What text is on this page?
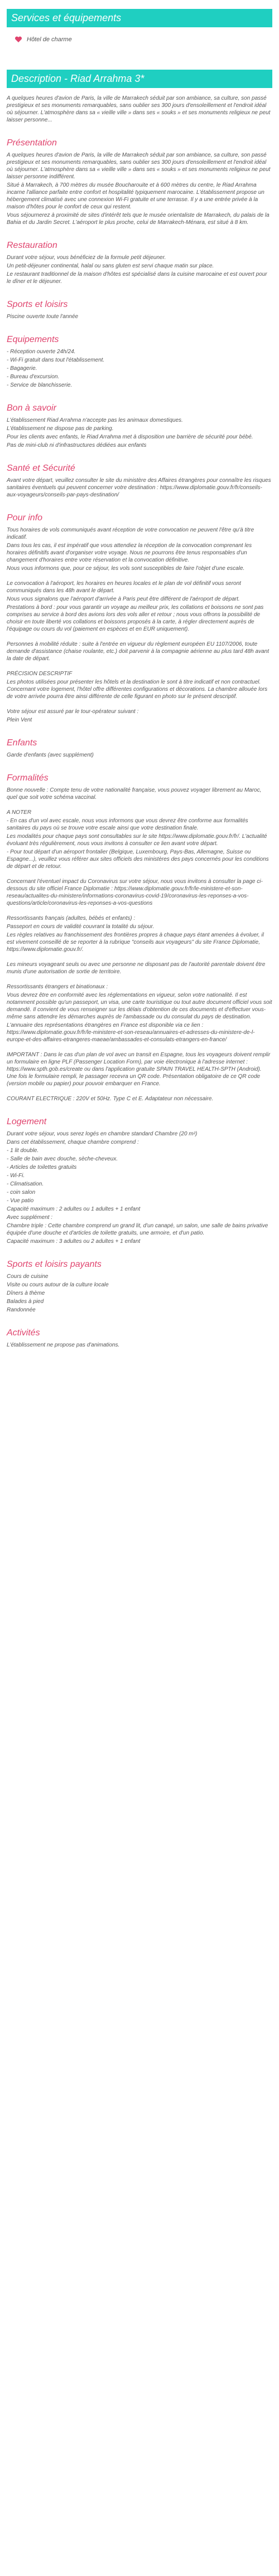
Services et équipements
Hôtel de charme
Description - Riad Arrahma 3*

A quelques heures d'avion de Paris, la ville de Marrakech séduit par son ambiance, sa culture, son passé prestigieux et ses monuments remarquables, sans oublier ses 300 jours d'ensoleillement et l'endroit idéal où séjourner. L'atmosphère dans sa « vieille ville » dans ses « souks » et ses monuments religieux ne peut laisser personne...

Présentation

A quelques heures d'avion de Paris, la ville de Marrakech séduit par son ambiance, sa culture, son passé prestigieux et ses monuments remarquables, sans oublier ses 300 jours d'ensoleillement et l'endroit idéal où séjourner. L'atmosphère dans sa « vieille ville » dans ses « souks » et ses monuments religieux ne peut laisser personne indifférent.

Situé à Marrakech, à 700 mètres du musée Boucharouite et à 600 mètres du centre, le Riad Arrahma incarne l'alliance parfaite entre confort et hospitalité typiquement marocaine. L'établissement propose un hébergement climatisé avec une connexion Wi-Fi gratuite et une terrasse. Il y a une entrée privée à la maison d'hôtes pour le confort de ceux qui restent.

Vous séjournerez à proximité de sites d'intérêt tels que le musée orientaliste de Marrakech, du palais de la Bahia et du Jardin Secret. L'aéroport le plus proche, celui de Marrakech-Ménara, est situé à 8 km.

Restauration

Durant votre séjour, vous bénéficiez de la formule petit déjeuner.

Un petit-déjeuner continental, halal ou sans gluten est servi chaque matin sur place.

Le restaurant traditionnel de la maison d'hôtes est spécialisé dans la cuisine marocaine et est ouvert pour le dîner et le déjeuner.

Sports et loisirs

Piscine ouverte toute l'année

Equipements

- Réception ouverte 24h/24.

- Wi-Fi gratuit dans tout l'établissement.

- Bagagerie.

- Bureau d'excursion.

- Service de blanchisserie.

Bon à savoir

L'établissement Riad Arrahma n'accepte pas les animaux domestiques.

L'établissement ne dispose pas de parking.

Pour les clients avec enfants, le Riad Arrahma met à disposition une barrière de sécurité pour bébé.

Pas de mini-club ni d'infrastructures dédiées aux enfants

Santé et Sécurité

Avant votre départ, veuillez consulter le site du ministère des Affaires étrangères pour connaître les risques sanitaires éventuels qui peuvent concerner votre destination : https://www.diplomatie.gouv.fr/fr/conseils-aux-voyageurs/conseils-par-pays-destination/

Pour info

Tous horaires de vols communiqués avant réception de votre convocation ne peuvent l'être qu'à titre indicatif.

Dans tous les cas, il est impératif que vous attendiez la réception de la convocation comprenant les horaires définitifs avant d'organiser votre voyage. Nous ne pourrons être tenus responsables d'un changement d'horaires entre votre réservation et la convocation définitive.

Nous vous informons que, pour ce séjour, les vols sont susceptibles de faire l'objet d'une escale.

Le convocation à l'aéroport, les horaires en heures locales et le plan de vol définitif vous seront communiqués dans les 48h avant le départ.

Nous vous signalons que l'aéroport d'arrivée à Paris peut être différent de l'aéroport de départ.

Prestations à bord : pour vous garantir un voyage au meilleur prix, les collations et boissons ne sont pas comprises au service à bord des avions lors des vols aller et retour ; nous vous offrons la possibilité de choisir en toute liberté vos collations et boissons proposés à la carte, à régler directement auprès de l'équipage ou cours du vol (paiement en espèces et en EUR uniquement).

Personnes à mobilité réduite : suite à l'entrée en vigueur du règlement européen EU 1107/2006, toute demande d'assistance (chaise roulante, etc.) doit parvenir à la compagnie aérienne au plus tard 48h avant la date de départ.

PRÉCISION DESCRIPTIF

Les photos utilisées pour présenter les hôtels et la destination le sont à titre indicatif et non contractuel. Concernant votre logement, l'hôtel offre différentes configurations et décorations. La chambre allouée lors de votre arrivée pourra être ainsi différente de celle figurant en photo sur le présent descriptif.

Votre séjour est assuré par le tour-opérateur suivant :

Plein Vent

Enfants

Garde d'enfants (avec supplément)

Formalités

Bonne nouvelle : Compte tenu de votre nationalité française, vous pouvez voyager librement au Maroc, quel que soit votre schéma vaccinal.

A NOTER

- En cas d'un vol avec escale, nous vous informons que vous devrez être conforme aux formalités sanitaires du pays où se trouve votre escale ainsi que votre destination finale.

Les modalités pour chaque pays sont consultables sur le site https://www.diplomatie.gouv.fr/fr/. L'actualité évoluant très régulièrement, nous vous invitons à consulter ce lien avant votre départ.

- Pour tout départ d'un aéroport frontalier (Belgique, Luxembourg, Pays-Bas, Allemagne, Suisse ou Espagne...), veuillez vous référer aux sites officiels des ministères des pays concernés pour les conditions de départ et de retour.

Concernant l'éventuel impact du Coronavirus sur votre séjour, nous vous invitons à consulter la page ci-dessous du site officiel France Diplomatie : https://www.diplomatie.gouv.fr/fr/le-ministere-et-son-reseau/actualites-du-ministere/informations-coronavirus-covid-19/coronavirus-les-reponses-a-vos-questions/article/coronavirus-les-reponses-a-vos-questions

Ressortissants français (adultes, bébés et enfants) :

Passeport en cours de validité couvrant la totalité du séjour.

Les règles relatives au franchissement des frontières propres à chaque pays étant amenées à évoluer, il est vivement conseillé de se reporter à la rubrique "conseils aux voyageurs" du site France Diplomatie, https://www.diplomatie.gouv.fr/.

Les mineurs voyageant seuls ou avec une personne ne disposant pas de l'autorité parentale doivent être munis d'une autorisation de sortie de territoire.

Ressortissants étrangers et binationaux :

Vous devrez être en conformité avec les réglementations en vigueur, selon votre nationalité. Il est notamment possible qu'un passeport, un visa, une carte touristique ou tout autre document officiel vous soit demandé. Il convient de vous renseigner sur les délais d'obtention de ces documents et d'effectuer vous-même sans attendre les démarches auprès de l'ambassade ou du consulat du pays de destination.

L'annuaire des représentations étrangères en France est disponible via ce lien : https://www.diplomatie.gouv.fr/fr/le-ministere-et-son-reseau/annuaires-et-adresses-du-ministere-de-l-europe-et-des-affaires-etrangeres-maeae/ambassades-et-consulats-etrangers-en-france/

IMPORTANT : Dans le cas d'un plan de vol avec un transit en Espagne, tous les voyageurs doivent remplir un formulaire en ligne PLF (Passenger Location Form), par voie électronique à l'adresse internet : https://www.spth.gob.es/create ou dans l'application gratuite SPAIN TRAVEL HEALTH-SPTH (Android). Une fois le formulaire rempli, le passager recevra un QR code. Présentation obligatoire de ce QR code (version mobile ou papier) pour pouvoir embarquer en France.

COURANT ELECTRIQUE : 220V et 50Hz. Type C et E. Adaptateur non nécessaire.

Logement

Durant votre séjour, vous serez logés en chambre standard Chambre (20 m²)

Dans cet établissement, chaque chambre comprend :

- 1 lit double.

- Salle de bain avec douche, sèche-cheveux.

- Articles de toilettes gratuits

- Wi-Fi.

- Climatisation.

- coin salon

- Vue patio

Capacité maximum : 2 adultes ou 1 adultes + 1 enfant

Avec supplément :

Chambre triple : Cette chambre comprend un grand lit, d'un canapé, un salon, une salle de bains privative équipée d'une douche et d'articles de toilette gratuits, une armoire, et d'un patio.

Capacité maximum : 3 adultes ou 2 adultes + 1 enfant

Sports et loisirs payants

Cours de cuisine

Visite ou cours autour de la culture locale

Dîners à thème

Balades à pied

Randonnée

Activités

L'établissement ne propose pas d'animations.
